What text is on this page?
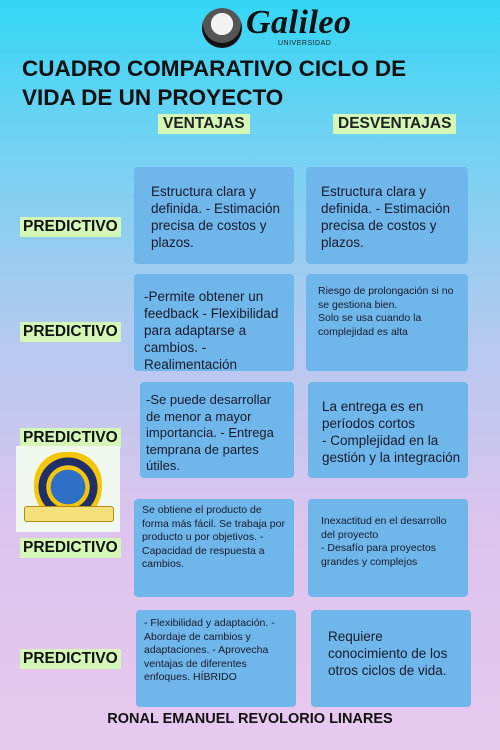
Galileo
UNIVERSIDAD
CUADRO COMPARATIVO CICLO DE VIDA DE UN PROYECTO
VENTAJAS	DESVENTAJAS
PREDICTIVO
PREDICTIVO
PREDICTIVO
PREDICTIVO
PREDICTIVO
Estructura clara y definida. - Estimación precisa de costos y plazos.
Estructura clara y definida. - Estimación precisa de costos y plazos.
-Permite obtener un feedback - Flexibilidad para adaptarse a cambios. - Realimentación
Riesgo de prolongación si no se gestiona bien.
Solo se usa cuando la complejidad es alta
-Se puede desarrollar de menor a mayor importancia. - Entrega temprana de partes útiles.
La entrega es en períodos cortos
- Complejidad en la gestión y la integración
Se obtiene el producto de forma más fácil. Se trabaja por producto u por objetivos. - Capacidad de respuesta a cambios.
Inexactitud en el desarrollo del proyecto
- Desafío para proyectos grandes y complejos
- Flexibilidad y adaptación. - Abordaje de cambios y adaptaciones. - Aprovecha ventajas de diferentes enfoques. HÍBRIDO
Requiere conocimiento de los otros ciclos de vida.
RONAL EMANUEL REVOLORIO LINARES
